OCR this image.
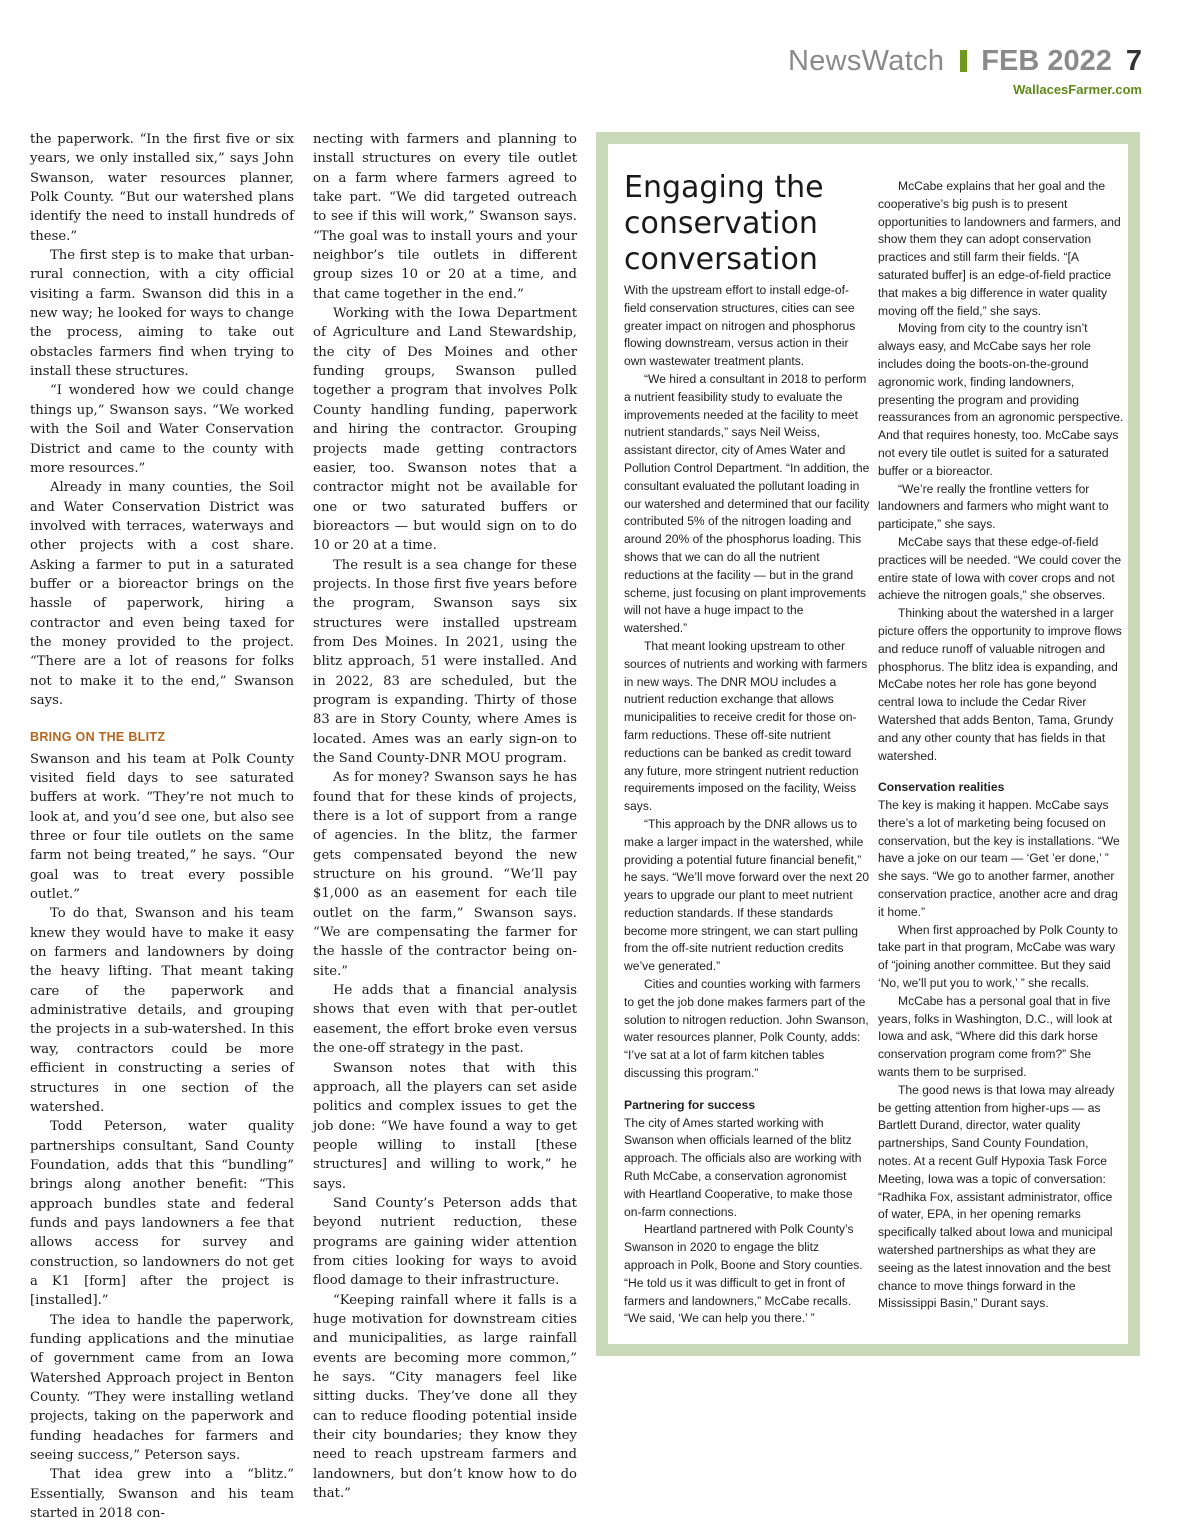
NewsWatch FEB 2022 7
WallacesFarmer.com

the paperwork. “In the first five or six years, we only installed six,” says John Swanson, water resources planner, Polk County. “But our watershed plans identify the need to install hundreds of these.”

The first step is to make that urban-rural connection, with a city official visiting a farm. Swanson did this in a new way; he looked for ways to change the process, aiming to take out obstacles farmers find when trying to install these structures.

“I wondered how we could change things up,” Swanson says. “We worked with the Soil and Water Conservation District and came to the county with more resources.”

Already in many counties, the Soil and Water Conservation District was involved with terraces, waterways and other projects with a cost share. Asking a farmer to put in a saturated buffer or a bioreactor brings on the hassle of paperwork, hiring a contractor and even being taxed for the money provided to the project. “There are a lot of reasons for folks not to make it to the end,” Swanson says.

BRING ON THE BLITZ

Swanson and his team at Polk County visited field days to see saturated buffers at work. “They’re not much to look at, and you’d see one, but also see three or four tile outlets on the same farm not being treated,” he says. “Our goal was to treat every possible outlet.”

To do that, Swanson and his team knew they would have to make it easy on farmers and landowners by doing the heavy lifting. That meant taking care of the paperwork and administrative details, and grouping the projects in a sub-watershed. In this way, contractors could be more efficient in constructing a series of structures in one section of the watershed.

Todd Peterson, water quality partnerships consultant, Sand County Foundation, adds that this “bundling” brings along another benefit: “This approach bundles state and federal funds and pays landowners a fee that allows access for survey and construction, so landowners do not get a K1 [form] after the project is [installed].”

The idea to handle the paperwork, funding applications and the minutiae of government came from an Iowa Watershed Approach project in Benton County. “They were installing wetland projects, taking on the paperwork and funding headaches for farmers and seeing success,” Peterson says.

That idea grew into a “blitz.” Essentially, Swanson and his team started in 2018 con-

necting with farmers and planning to install structures on every tile outlet on a farm where farmers agreed to take part. “We did targeted outreach to see if this will work,” Swanson says. “The goal was to install yours and your neighbor’s tile outlets in different group sizes 10 or 20 at a time, and that came together in the end.”

Working with the Iowa Department of Agriculture and Land Stewardship, the city of Des Moines and other funding groups, Swanson pulled together a program that involves Polk County handling funding, paperwork and hiring the contractor. Grouping projects made getting contractors easier, too. Swanson notes that a contractor might not be available for one or two saturated buffers or bioreactors — but would sign on to do 10 or 20 at a time.

The result is a sea change for these projects. In those first five years before the program, Swanson says six structures were installed upstream from Des Moines. In 2021, using the blitz approach, 51 were installed. And in 2022, 83 are scheduled, but the program is expanding. Thirty of those 83 are in Story County, where Ames is located. Ames was an early sign-on to the Sand County-DNR MOU program.

As for money? Swanson says he has found that for these kinds of projects, there is a lot of support from a range of agencies. In the blitz, the farmer gets compensated beyond the new structure on his ground. “We’ll pay $1,000 as an easement for each tile outlet on the farm,” Swanson says. “We are compensating the farmer for the hassle of the contractor being on-site.”

He adds that a financial analysis shows that even with that per-outlet easement, the effort broke even versus the one-off strategy in the past.

Swanson notes that with this approach, all the players can set aside politics and complex issues to get the job done: “We have found a way to get people willing to install [these structures] and willing to work,” he says.

Sand County’s Peterson adds that beyond nutrient reduction, these programs are gaining wider attention from cities looking for ways to avoid flood damage to their infrastructure.

“Keeping rainfall where it falls is a huge motivation for downstream cities and municipalities, as large rainfall events are becoming more common,” he says. “City managers feel like sitting ducks. They’ve done all they can to reduce flooding potential inside their city boundaries; they know they need to reach upstream farmers and landowners, but don’t know how to do that.”

Engaging the conservation conversation

With the upstream effort to install edge-of-field conservation structures, cities can see greater impact on nitrogen and phosphorus flowing downstream, versus action in their own wastewater treatment plants.

“We hired a consultant in 2018 to perform a nutrient feasibility study to evaluate the improvements needed at the facility to meet nutrient standards,” says Neil Weiss, assistant director, city of Ames Water and Pollution Control Department. “In addition, the consultant evaluated the pollutant loading in our watershed and determined that our facility contributed 5% of the nitrogen loading and around 20% of the phosphorus loading. This shows that we can do all the nutrient reductions at the facility — but in the grand scheme, just focusing on plant improvements will not have a huge impact to the watershed.”

That meant looking upstream to other sources of nutrients and working with farmers in new ways. The DNR MOU includes a nutrient reduction exchange that allows municipalities to receive credit for those on-farm reductions. These off-site nutrient reductions can be banked as credit toward any future, more stringent nutrient reduction requirements imposed on the facility, Weiss says.

“This approach by the DNR allows us to make a larger impact in the watershed, while providing a potential future financial benefit,” he says. “We’ll move forward over the next 20 years to upgrade our plant to meet nutrient reduction standards. If these standards become more stringent, we can start pulling from the off-site nutrient reduction credits we’ve generated.”

Cities and counties working with farmers to get the job done makes farmers part of the solution to nitrogen reduction. John Swanson, water resources planner, Polk County, adds: “I’ve sat at a lot of farm kitchen tables discussing this program.”

Partnering for success

The city of Ames started working with Swanson when officials learned of the blitz approach. The officials also are working with Ruth McCabe, a conservation agronomist with Heartland Cooperative, to make those on-farm connections.

Heartland partnered with Polk County’s Swanson in 2020 to engage the blitz approach in Polk, Boone and Story counties. “He told us it was difficult to get in front of farmers and landowners,” McCabe recalls. “We said, ‘We can help you there.’ ”

McCabe explains that her goal and the cooperative’s big push is to present opportunities to landowners and farmers, and show them they can adopt conservation practices and still farm their fields. “[A saturated buffer] is an edge-of-field practice that makes a big difference in water quality moving off the field,” she says.

Moving from city to the country isn’t always easy, and McCabe says her role includes doing the boots-on-the-ground agronomic work, finding landowners, presenting the program and providing reassurances from an agronomic perspective. And that requires honesty, too. McCabe says not every tile outlet is suited for a saturated buffer or a bioreactor.

“We’re really the frontline vetters for landowners and farmers who might want to participate,” she says.

McCabe says that these edge-of-field practices will be needed. “We could cover the entire state of Iowa with cover crops and not achieve the nitrogen goals,” she observes.

Thinking about the watershed in a larger picture offers the opportunity to improve flows and reduce runoff of valuable nitrogen and phosphorus. The blitz idea is expanding, and McCabe notes her role has gone beyond central Iowa to include the Cedar River Watershed that adds Benton, Tama, Grundy and any other county that has fields in that watershed.

Conservation realities

The key is making it happen. McCabe says there’s a lot of marketing being focused on conservation, but the key is installations. “We have a joke on our team — ‘Get ’er done,’ ” she says. “We go to another farmer, another conservation practice, another acre and drag it home.”

When first approached by Polk County to take part in that program, McCabe was wary of “joining another committee. But they said ‘No, we’ll put you to work,’ ” she recalls.

McCabe has a personal goal that in five years, folks in Washington, D.C., will look at Iowa and ask, “Where did this dark horse conservation program come from?” She wants them to be surprised.

The good news is that Iowa may already be getting attention from higher-ups — as Bartlett Durand, director, water quality partnerships, Sand County Foundation, notes. At a recent Gulf Hypoxia Task Force Meeting, Iowa was a topic of conversation: “Radhika Fox, assistant administrator, office of water, EPA, in her opening remarks specifically talked about Iowa and municipal watershed partnerships as what they are seeing as the latest innovation and the best chance to move things forward in the Mississippi Basin,” Durant says.
